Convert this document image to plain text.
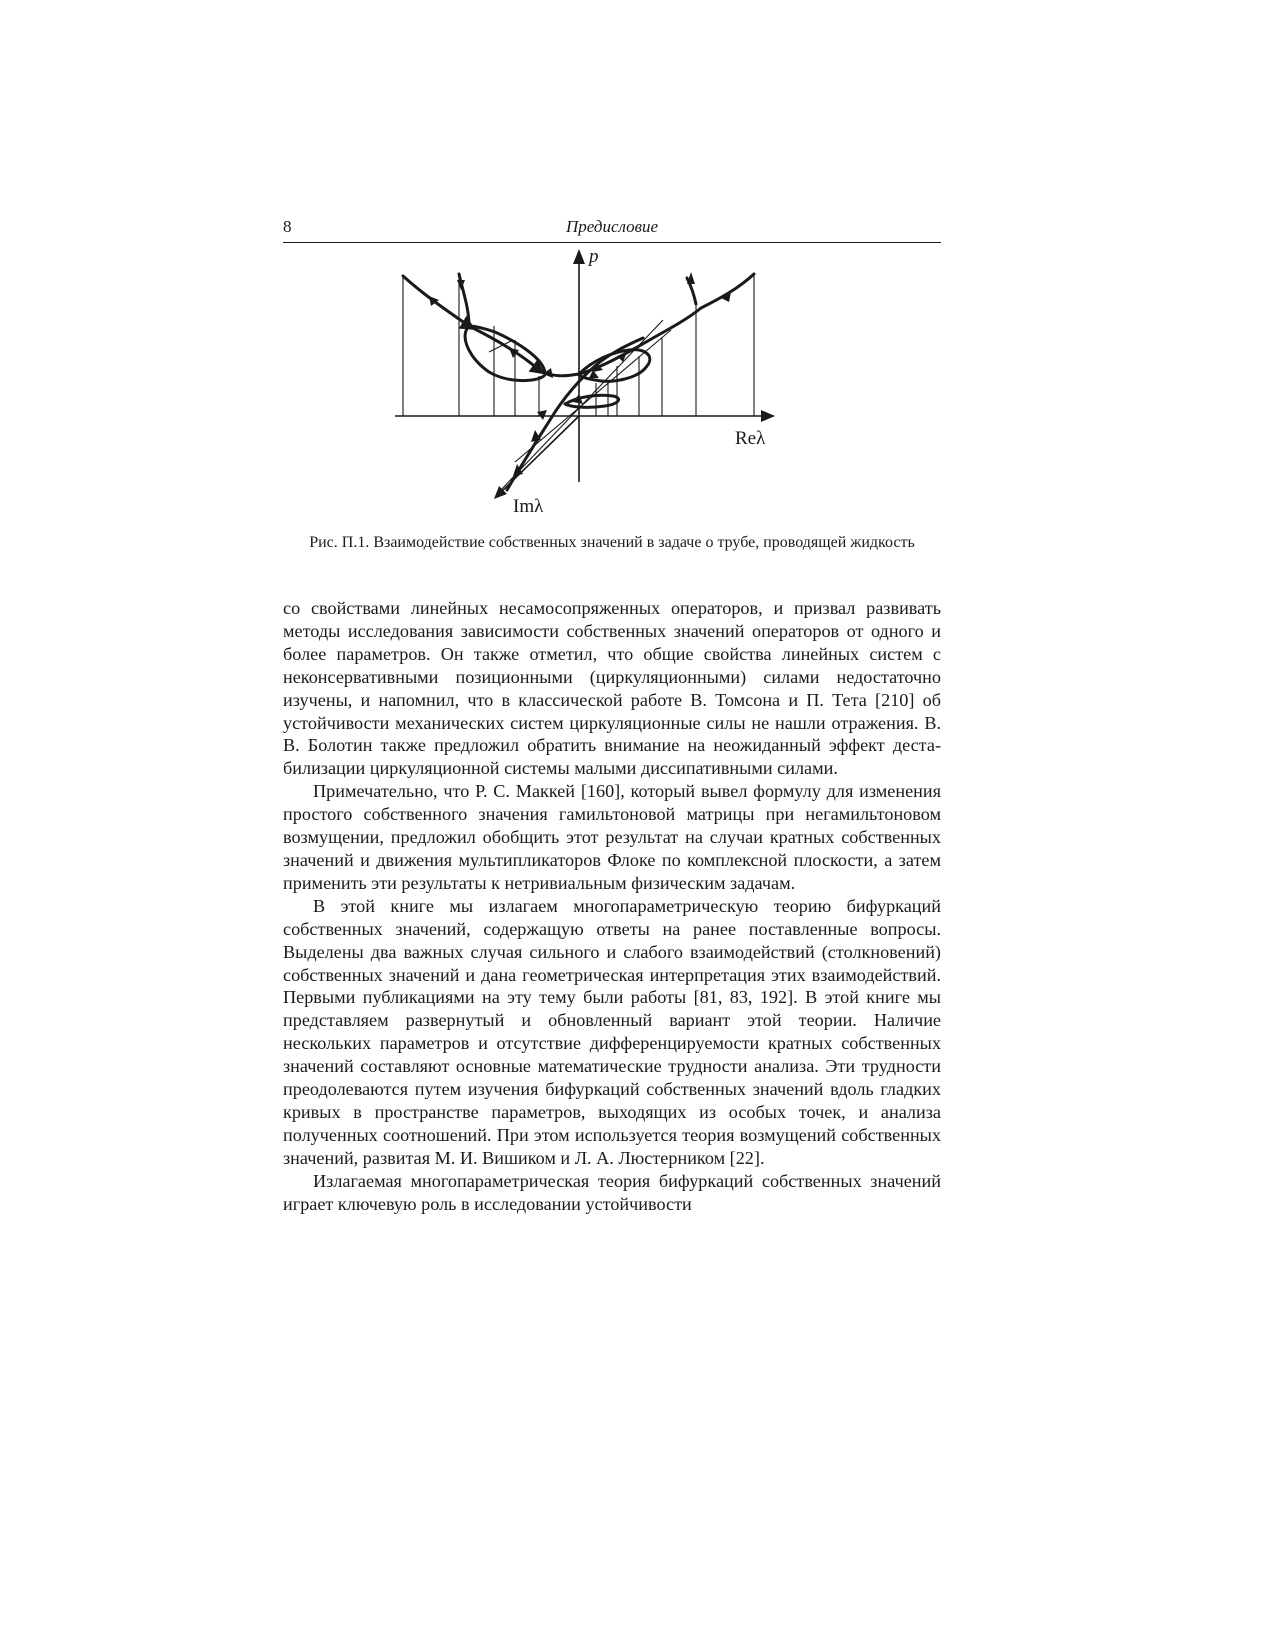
8	Предисловие
p
Reλ
Imλ
Рис. П.1. Взаимодействие собственных значений в задаче о трубе, проводящей жидкость

со свойствами линейных несамосопряженных операторов, и призвал развивать методы исследования зависимости собственных значений операторов от одного и более параметров. Он также отметил, что общие свойства линейных систем с неконсервативными позиционными (циркуляционными) силами недостаточно изучены, и напомнил, что в классической работе В. Томсона и П. Тета [210] об устойчивости механических систем циркуляционные силы не нашли отражения. В. В. Болотин также предложил обратить внимание на неожиданный эффект дестабилизации циркуляционной системы малыми диссипативными силами.

Примечательно, что Р. С. Маккей [160], который вывел формулу для изменения простого собственного значения гамильтоновой матрицы при негамильтоновом возмущении, предложил обобщить этот результат на случаи кратных собственных значений и движения мультипликаторов Флоке по комплексной плоскости, а затем применить эти результаты к нетривиальным физическим задачам.

В этой книге мы излагаем многопараметрическую теорию бифуркаций собственных значений, содержащую ответы на ранее поставленные вопросы. Выделены два важных случая сильного и слабого взаимодействий (столкновений) собственных значений и дана геометрическая интерпретация этих взаимодействий. Первыми публикациями на эту тему были работы [81, 83, 192]. В этой книге мы представляем развернутый и обновленный вариант этой теории. Наличие нескольких параметров и отсутствие дифференцируемости кратных собственных значений составляют основные математические трудности анализа. Эти трудности преодолеваются путем изучения бифуркаций собственных значений вдоль гладких кривых в пространстве параметров, выходящих из особых точек, и анализа полученных соотношений. При этом используется теория возмущений собственных значений, развитая М. И. Вишиком и Л. А. Люстерником [22].

Излагаемая многопараметрическая теория бифуркаций собственных значений играет ключевую роль в исследовании устойчивости
